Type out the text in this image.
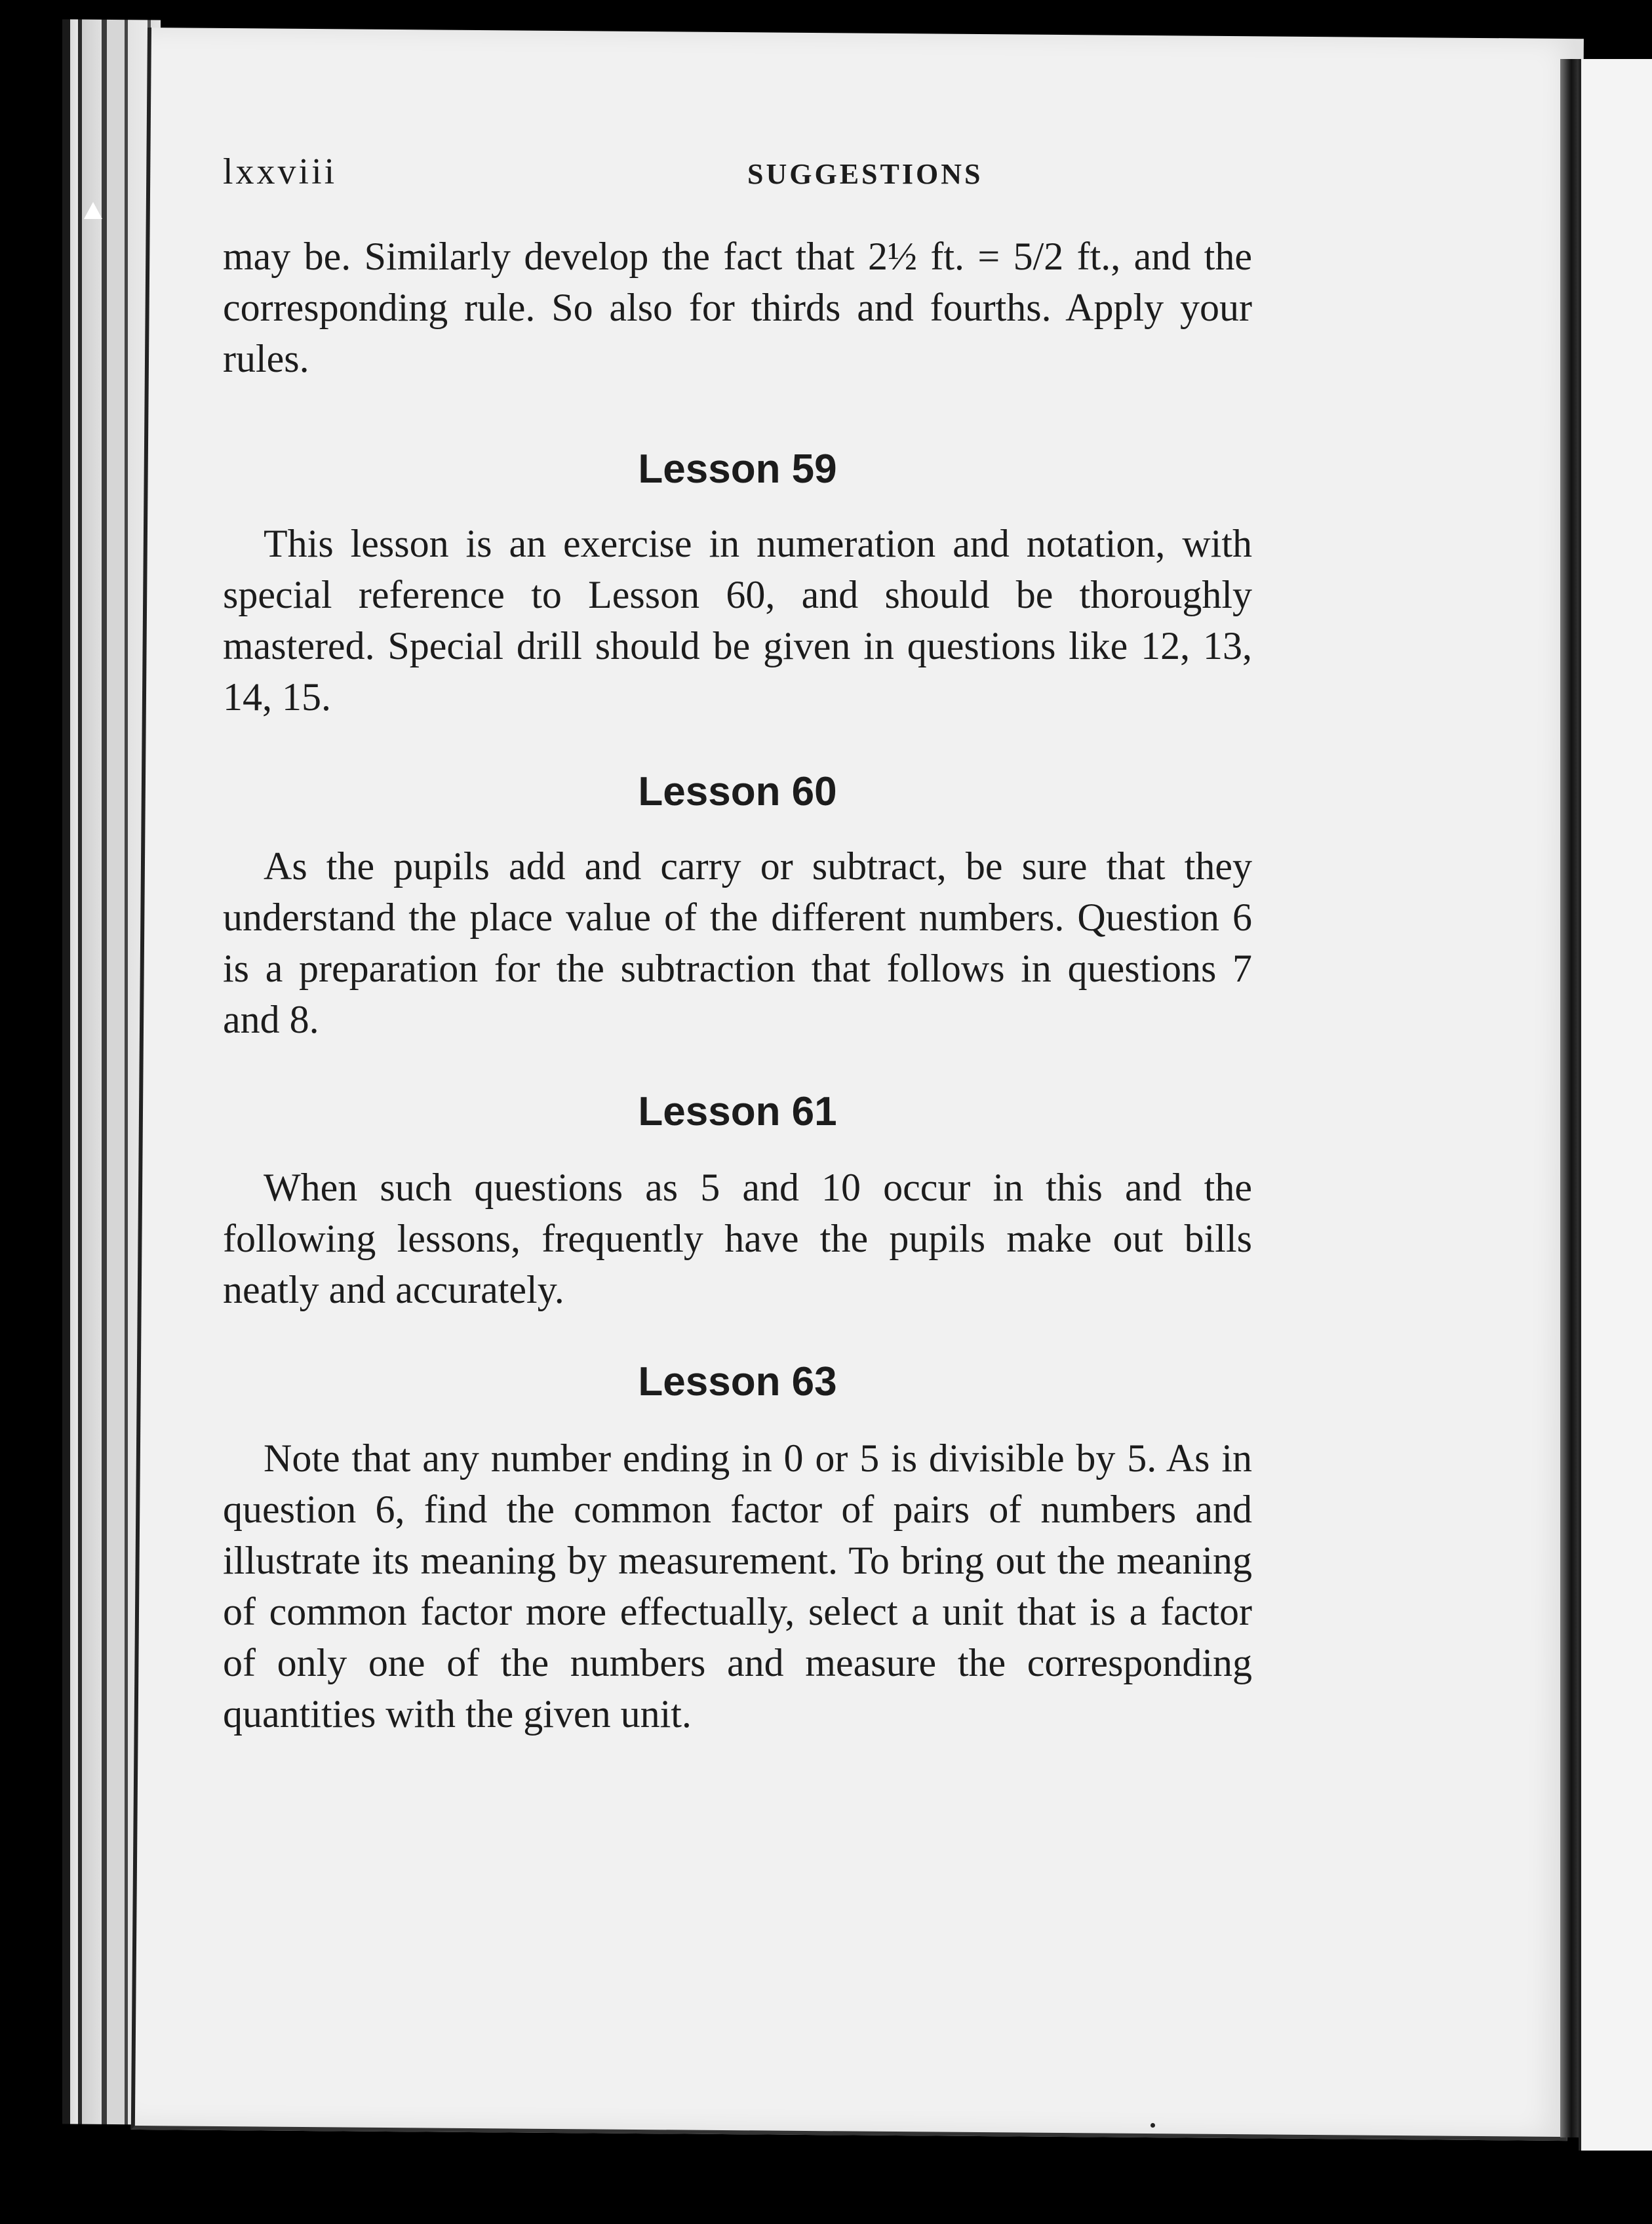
lxxviii	SUGGESTIONS

may be. Similarly develop the fact that 2½ ft. = 5/2 ft., and the corresponding rule. So also for thirds and fourths. Apply your rules.

Lesson 59

This lesson is an exercise in numeration and notation, with special reference to Lesson 60, and should be thoroughly mastered. Special drill should be given in questions like 12, 13, 14, 15.

Lesson 60

As the pupils add and carry or subtract, be sure that they understand the place value of the different numbers. Question 6 is a preparation for the subtraction that follows in questions 7 and 8.

Lesson 61

When such questions as 5 and 10 occur in this and the following lessons, frequently have the pupils make out bills neatly and accurately.

Lesson 63

Note that any number ending in 0 or 5 is divisible by 5. As in question 6, find the common factor of pairs of numbers and illustrate its meaning by measurement. To bring out the meaning of common factor more effectually, select a unit that is a factor of only one of the numbers and measure the corresponding quantities with the given unit.
